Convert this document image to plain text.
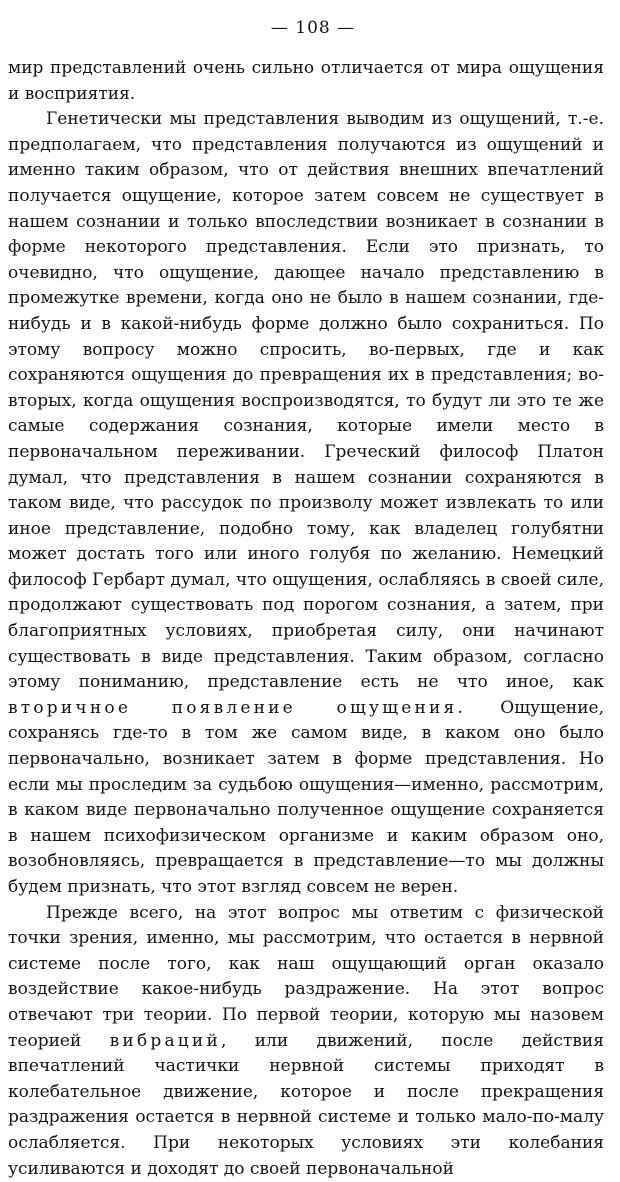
— 108 —

мир представлений очень сильно отличается от мира ощущения и восприятия.

Генетически мы представления выводим из ощущений, т.-е. предполагаем, что представления получаются из ощущений и именно таким образом, что от действия внешних впечатлений получается ощущение, которое затем совсем не существует в нашем сознании и только впоследствии возникает в сознании в форме некоторого представления. Если это признать, то очевидно, что ощущение, дающее начало представлению в промежутке времени, когда оно не было в нашем сознании, где-нибудь и в какой-нибудь форме должно было сохраниться. По этому вопросу можно спросить, во-первых, где и как сохраняются ощущения до превращения их в представления; во-вторых, когда ощущения воспроизводятся, то будут ли это те же самые содержания сознания, которые имели место в первоначальном переживании. Греческий философ Платон думал, что представления в нашем сознании сохраняются в таком виде, что рассудок по произволу может извлекать то или иное представление, подобно тому, как владелец голубятни может достать того или иного голубя по желанию. Немецкий философ Гербарт думал, что ощущения, ослабляясь в своей силе, продолжают существовать под порогом сознания, а затем, при благоприятных условиях, приобретая силу, они начинают существовать в виде представления. Таким образом, согласно этому пониманию, представление есть не что иное, как вторичное появление ощущения. Ощущение, сохранясь где-то в том же самом виде, в каком оно было первоначально, возникает затем в форме представления. Но если мы проследим за судьбою ощущения—именно, рассмотрим, в каком виде первоначально полученное ощущение сохраняется в нашем психофизическом организме и каким образом оно, возобновляясь, превращается в представление—то мы должны будем признать, что этот взгляд совсем не верен.

Прежде всего, на этот вопрос мы ответим с физической точки зрения, именно, мы рассмотрим, что остается в нервной системе после того, как наш ощущающий орган оказало воздействие какое-нибудь раздражение. На этот вопрос отвечают три теории. По первой теории, которую мы назовем теорией вибраций, или движений, после действия впечатлений частички нервной системы приходят в колебательное движение, которое и после прекращения раздражения остается в нервной системе и только мало-по-малу ослабляется. При некоторых условиях эти колебания усиливаются и доходят до своей первоначальной
